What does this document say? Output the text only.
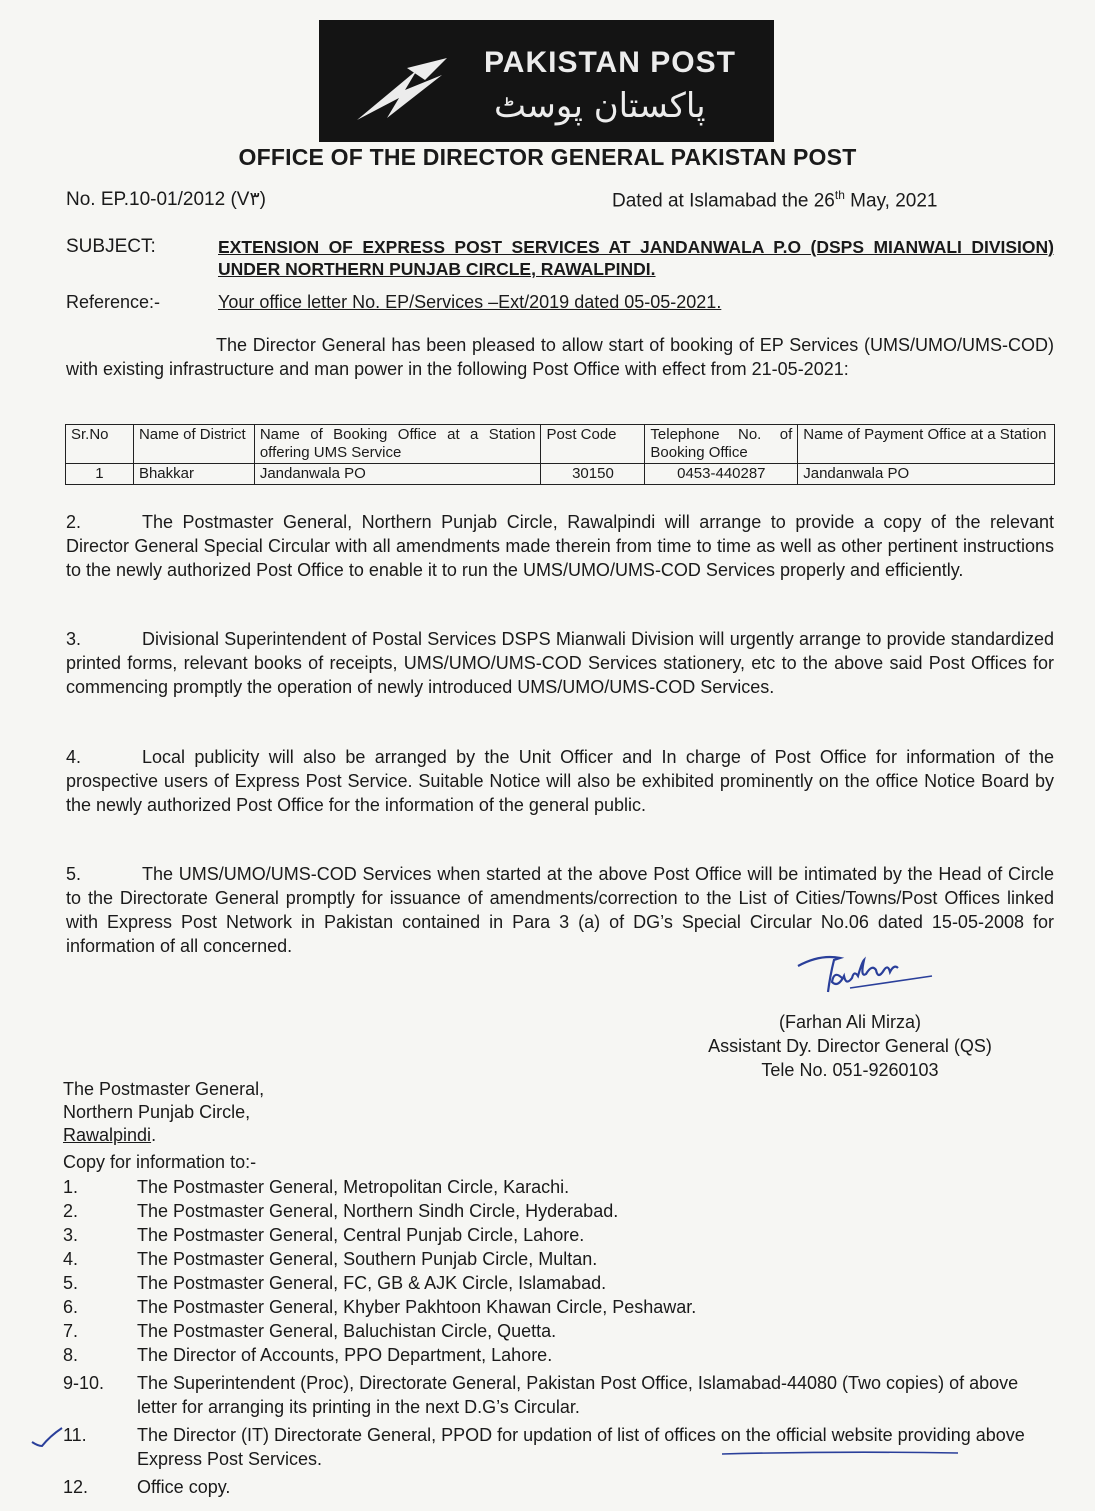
PAKISTAN POST
پاکستان پوسٹ
OFFICE OF THE DIRECTOR GENERAL PAKISTAN POST
No. EP.10-01/2012 (V٣)	Dated at Islamabad the 26th May, 2021
SUBJECT:	EXTENSION OF EXPRESS POST SERVICES AT JANDANWALA P.O (DSPS MIANWALI DIVISION) UNDER NORTHERN PUNJAB CIRCLE, RAWALPINDI.
Reference:-	Your office letter No. EP/Services –Ext/2019 dated 05-05-2021.
The Director General has been pleased to allow start of booking of EP Services (UMS/UMO/UMS-COD) with existing infrastructure and man power in the following Post Office with effect from 21-05-2021:
Sr.No	Name of District	Name of Booking Office at a Station offering UMS Service	Post Code	Telephone No. of Booking Office	Name of Payment Office at a Station
1	Bhakkar	Jandanwala PO	30150	0453-440287	Jandanwala PO
2.	The Postmaster General, Northern Punjab Circle, Rawalpindi will arrange to provide a copy of the relevant Director General Special Circular with all amendments made therein from time to time as well as other pertinent instructions to the newly authorized Post Office to enable it to run the UMS/UMO/UMS-COD Services properly and efficiently.
3.	Divisional Superintendent of Postal Services DSPS Mianwali Division will urgently arrange to provide standardized printed forms, relevant books of receipts, UMS/UMO/UMS-COD Services stationery, etc to the above said Post Offices for commencing promptly the operation of newly introduced UMS/UMO/UMS-COD Services.
4.	Local publicity will also be arranged by the Unit Officer and In charge of Post Office for information of the prospective users of Express Post Service. Suitable Notice will also be exhibited prominently on the office Notice Board by the newly authorized Post Office for the information of the general public.
5.	The UMS/UMO/UMS-COD Services when started at the above Post Office will be intimated by the Head of Circle to the Directorate General promptly for issuance of amendments/correction to the List of Cities/Towns/Post Offices linked with Express Post Network in Pakistan contained in Para 3 (a) of DG’s Special Circular No.06 dated 15-05-2008 for information of all concerned.
(Farhan Ali Mirza)
Assistant Dy. Director General (QS)
Tele No. 051-9260103
The Postmaster General,
Northern Punjab Circle,
Rawalpindi.
Copy for information to:-
1.	The Postmaster General, Metropolitan Circle, Karachi.
2.	The Postmaster General, Northern Sindh Circle, Hyderabad.
3.	The Postmaster General, Central Punjab Circle, Lahore.
4.	The Postmaster General, Southern Punjab Circle, Multan.
5.	The Postmaster General, FC, GB & AJK Circle, Islamabad.
6.	The Postmaster General, Khyber Pakhtoon Khawan Circle, Peshawar.
7.	The Postmaster General, Baluchistan Circle, Quetta.
8.	The Director of Accounts, PPO Department, Lahore.
9-10. The Superintendent (Proc), Directorate General, Pakistan Post Office, Islamabad-44080 (Two copies) of above letter for arranging its printing in the next D.G’s Circular.
11.	The Director (IT) Directorate General, PPOD for updation of list of offices on the official website providing above Express Post Services.
12.	Office copy.
